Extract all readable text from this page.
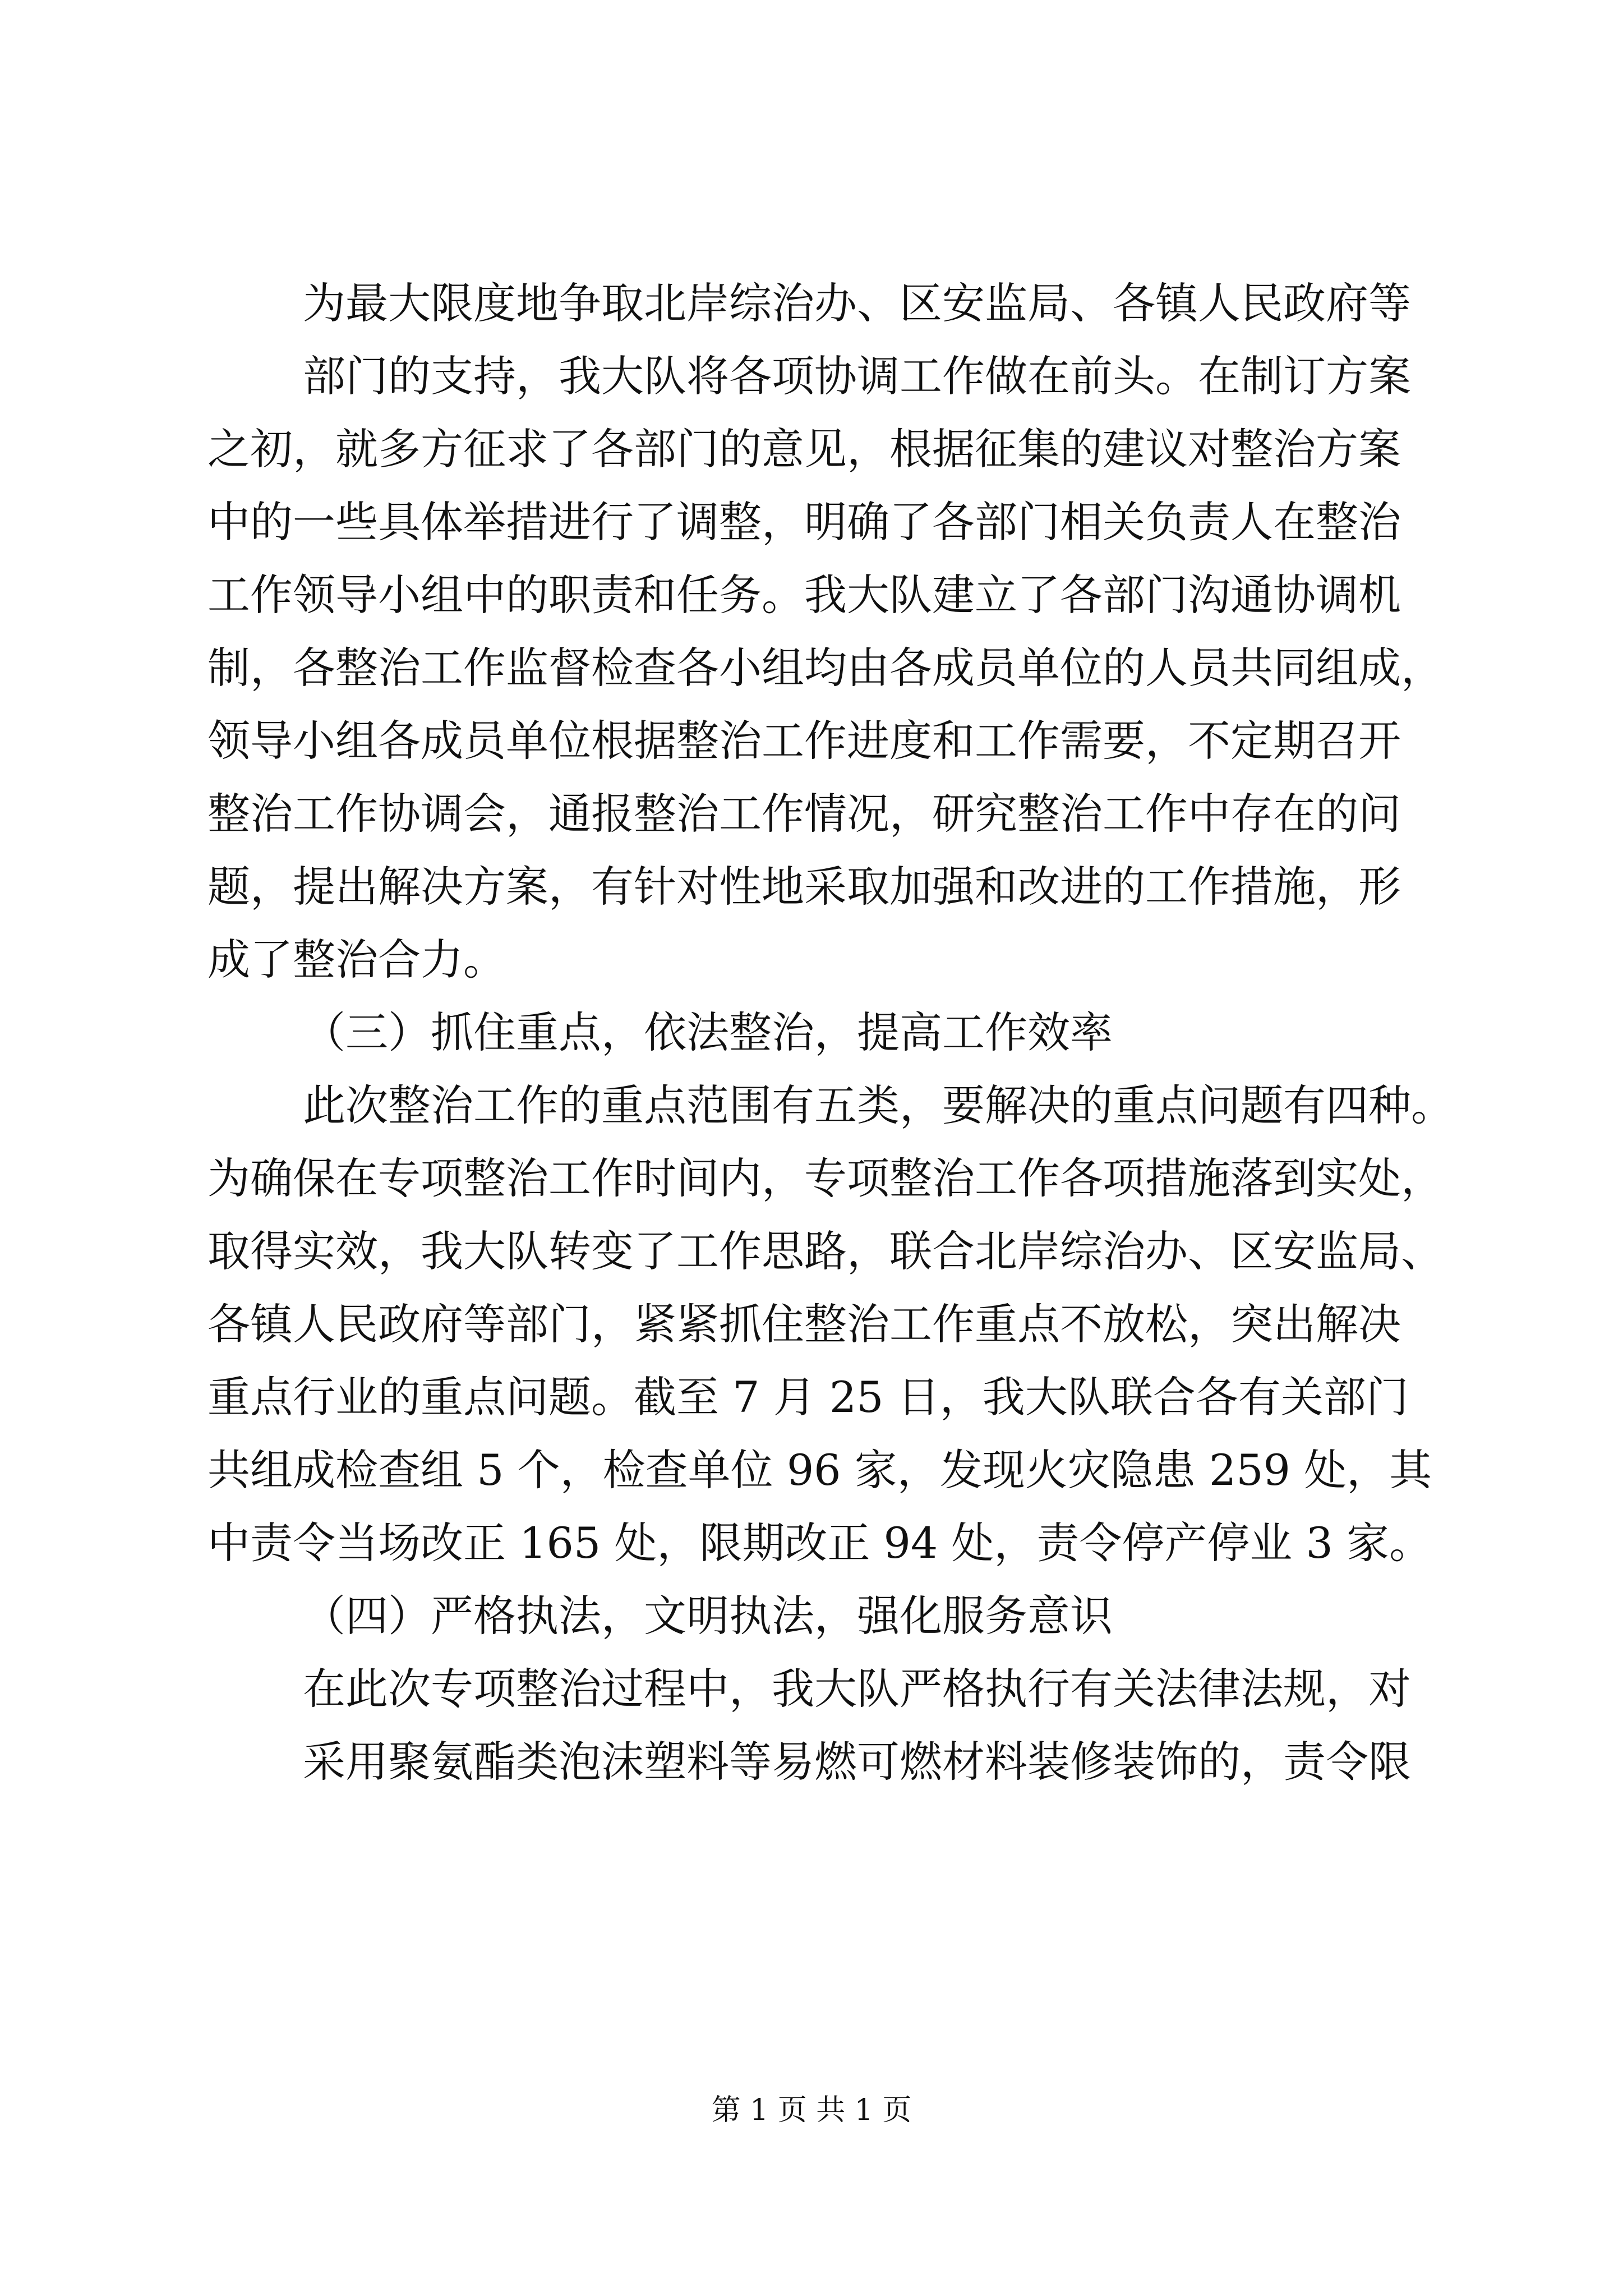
为最大限度地争取北岸综治办、区安监局、各镇人民政府等
部门的支持，我大队将各项协调工作做在前头。在制订方案
之初，就多方征求了各部门的意见，根据征集的建议对整治方案
中的一些具体举措进行了调整，明确了各部门相关负责人在整治
工作领导小组中的职责和任务。我大队建立了各部门沟通协调机
制，各整治工作监督检查各小组均由各成员单位的人员共同组成，
领导小组各成员单位根据整治工作进度和工作需要，不定期召开
整治工作协调会，通报整治工作情况，研究整治工作中存在的问
题，提出解决方案，有针对性地采取加强和改进的工作措施，形
成了整治合力。
（三）抓住重点，依法整治，提高工作效率
此次整治工作的重点范围有五类，要解决的重点问题有四种。
为确保在专项整治工作时间内，专项整治工作各项措施落到实处，
取得实效，我大队转变了工作思路，联合北岸综治办、区安监局、
各镇人民政府等部门，紧紧抓住整治工作重点不放松，突出解决
重点行业的重点问题。截至 7 月 25 日，我大队联合各有关部门
共组成检查组 5 个，检查单位 96 家，发现火灾隐患 259 处，其
中责令当场改正 165 处，限期改正 94 处，责令停产停业 3 家。
（四）严格执法，文明执法，强化服务意识
在此次专项整治过程中，我大队严格执行有关法律法规，对
采用聚氨酯类泡沫塑料等易燃可燃材料装修装饰的，责令限
第 1 页 共 1 页
